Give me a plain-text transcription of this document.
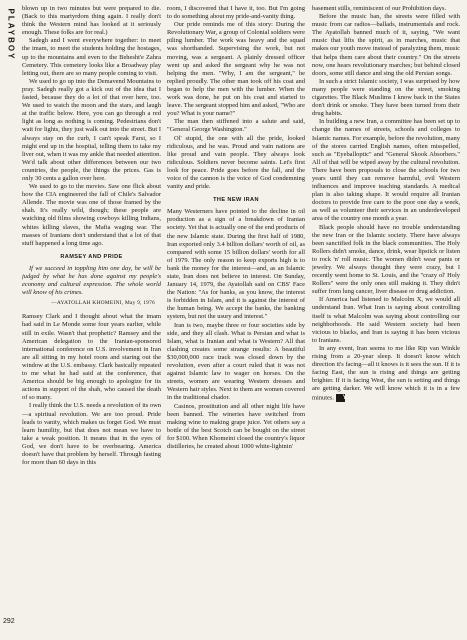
PLAYBOY

blown up in two minutes but were prepared to die. (Back to this martyrdom thing again. I really don't think the Western mind has looked at it seriously enough. These folks are for real.)

Sadegh and I went everywhere together: to meet the imam, to meet the students holding the hostages, up to the mountains and even to the Behesht'e Zahra Cemetery. This cemetery looks like a Broadway play letting out, there are so many people coming to visit.

We used to go up into the Demavend Mountains to pray. Sadegh really got a kick out of the idea that I fasted, because they do a lot of that over here, too. We used to watch the moon and the stars, and laugh at the traffic below. Here, you can go through a red light as long as nothing is coming. Pedestrians don't wait for lights, they just walk out into the street. But I always stay on the curb, I can't speak Farsi, so I might end up in the hospital, telling them to take my liver out, when it was my ankle that needed attention. We'd talk about other differences between our two countries, the people, the things the prices. Gas is only 30 cents a gallon over here.

We used to go to the movies. Saw one flick about how the CIA engineered the fall of Chile's Salvador Allende. The movie was one of those framed by the shah. It's really wild, though; these people are watching old films showing cowboys killing Indians, whites killing slaves, the Mafia waging war. The masses of Iranians don't understand that a lot of that stuff happened a long time ago.

RAMSEY AND PRIDE

If we succeed in toppling him one day, he will be judged by what he has done against my people's economy and cultural expression. The whole world will know of his crimes.

—AYATOLLAH KHOMEINI, May 9, 1976

Ramsey Clark and I thought about what the imam had said in Le Monde some four years earlier, while still in exile. Wasn't that prophetic? Ramsey and the American delegation to the Iranian-sponsored international conference on U.S. involvement in Iran are all sitting in my hotel room and staring out the window at the U.S. embassy. Clark basically repeated to me what he had said at the conference, that America should be big enough to apologize for its actions in support of the shah, who caused the death of so many.

I really think the U.S. needs a revolution of its own—a spiritual revolution. We are too proud. Pride leads to vanity, which makes us forget God. We must learn humility, but that does not mean we have to take a weak position. It means that in the eyes of God, we don't have to be overbearing. America doesn't have that problem by herself. Through fasting for more than 60 days in this

room, I discovered that I have it, too. But I'm going to do something about my pride-and-vanity thing.

Our pride reminds me of this story: During the Revolutionary War, a group of Colonial soldiers were piling lumber. The work was heavy and the squad was shorthanded. Supervising the work, but not moving, was a sergeant. A plainly dressed officer went up and asked the sergeant why he was not helping the men. "Why, I am the sergeant," he replied proudly. The other man took off his coat and began to help the men with the lumber. When the work was done, he put on his coat and started to leave. The sergeant stopped him and asked, "Who are you? What is your name?"

The man then stiffened into a salute and said, "General George Washington."

Ol' stupid, the one with all the pride, looked ridiculous, and he was. Proud and vain nations are like proud and vain people. They always look ridiculous. Soldiers never become saints. Let's first look for peace. Pride goes before the fall, and the voice of the cannon is the voice of God condemning vanity and pride.

THE NEW IRAN

Many Westerners have pointed to the decline in oil production as a sign of a breakdown of Iranian society. Yet that is actually one of the end products of the new Islamic state. During the first half of 1980, Iran exported only 3.4 billion dollars' worth of oil, as compared with some 15 billion dollars' worth for all of 1979. The only reason to keep exports high is to bank the money for the interest—and, as an Islamic state, Iran does not believe in interest. On Sunday, January 14, 1979, the Ayatollah said on CBS' Face the Nation: "As for banks, as you know, the interest is forbidden in Islam, and it is against the interest of the human being. We accept the banks, the banking system, but not the usury and interest."

Iran is two, maybe three or four societies side by side, and they all clash. What is Persian and what is Islam, what is Iranian and what is Western? All that clashing creates some strange results: A beautiful $30,000,000 race track was closed down by the revolution, even after a court ruled that it was not against Islamic law to wager on horses. On the streets, women are wearing Western dresses and Western hair styles. Next to them are women covered in the traditional chador.

Casinos, prostitution and all other night life have been banned. The wineries have switched from making wine to making grape juice. Yet others say a bottle of the best Scotch can be bought on the street for $100. When Khomeini closed the country's liquor distilleries, he created about 1000 white-lightnin'

basement stills, reminiscent of our Prohibition days.

Before the music ban, the streets were filled with music from car radios—ballads, instrumentals and rock. The Ayatollah banned much of it, saying, "We want music that lifts the spirit, as in marches, music that makes our youth move instead of paralyzing them, music that helps them care about their country." On the streets now, one hears revolutionary marches; but behind closed doors, some still dance and sing the old Persian songs.

In such a strict Islamic society, I was surprised by how many people were standing on the street, smoking cigarettes. The Black Muslims I know back in the States don't drink or smoke. They have been turned from their drug habits.

In building a new Iran, a committee has been set up to change the names of streets, schools and colleges to Islamic names. For example, before the revolution, many of the stores carried English names, often misspelled, such as "Eyeballoptic" and "General Skook Absorbers." All of that will be wiped away by the cultural revolution. There have been proposals to close the schools for two years until they can remove harmful, evil Western influences and improve teaching standards. A medical plan is also taking shape. It would require all Iranian doctors to provide free care to the poor one day a week, as well as volunteer their services in an underdeveloped area of the country one month a year.

Black people should have no trouble understanding the new Iran or the Islamic society. There have always been sanctified folk in the black communities. The Holy Rollers didn't smoke, dance, drink, wear lipstick or listen to rock 'n' roll music. The women didn't wear pants or jewelry. We always thought they were crazy, but I recently went home to St. Louis, and the "crazy ol' Holy Rollers" were the only ones still making it. They didn't suffer from lung cancer, liver disease or drug addiction.

If America had listened to Malcolm X, we would all understand Iran. What Iran is saying about controlling itself is what Malcolm was saying about controlling our neighborhoods. He said Western society had been vicious to blacks, and Iran is saying it has been vicious to Iranians.

In any event, Iran seems to me like Rip van Winkle rising from a 20-year sleep. It doesn't know which direction it's facing—all it knows is it sees the sun. If it is facing East, the sun is rising and things are getting brighter. If it is facing West, the sun is setting and things are getting darker. We will know which it is in a few minutes. Y

292
